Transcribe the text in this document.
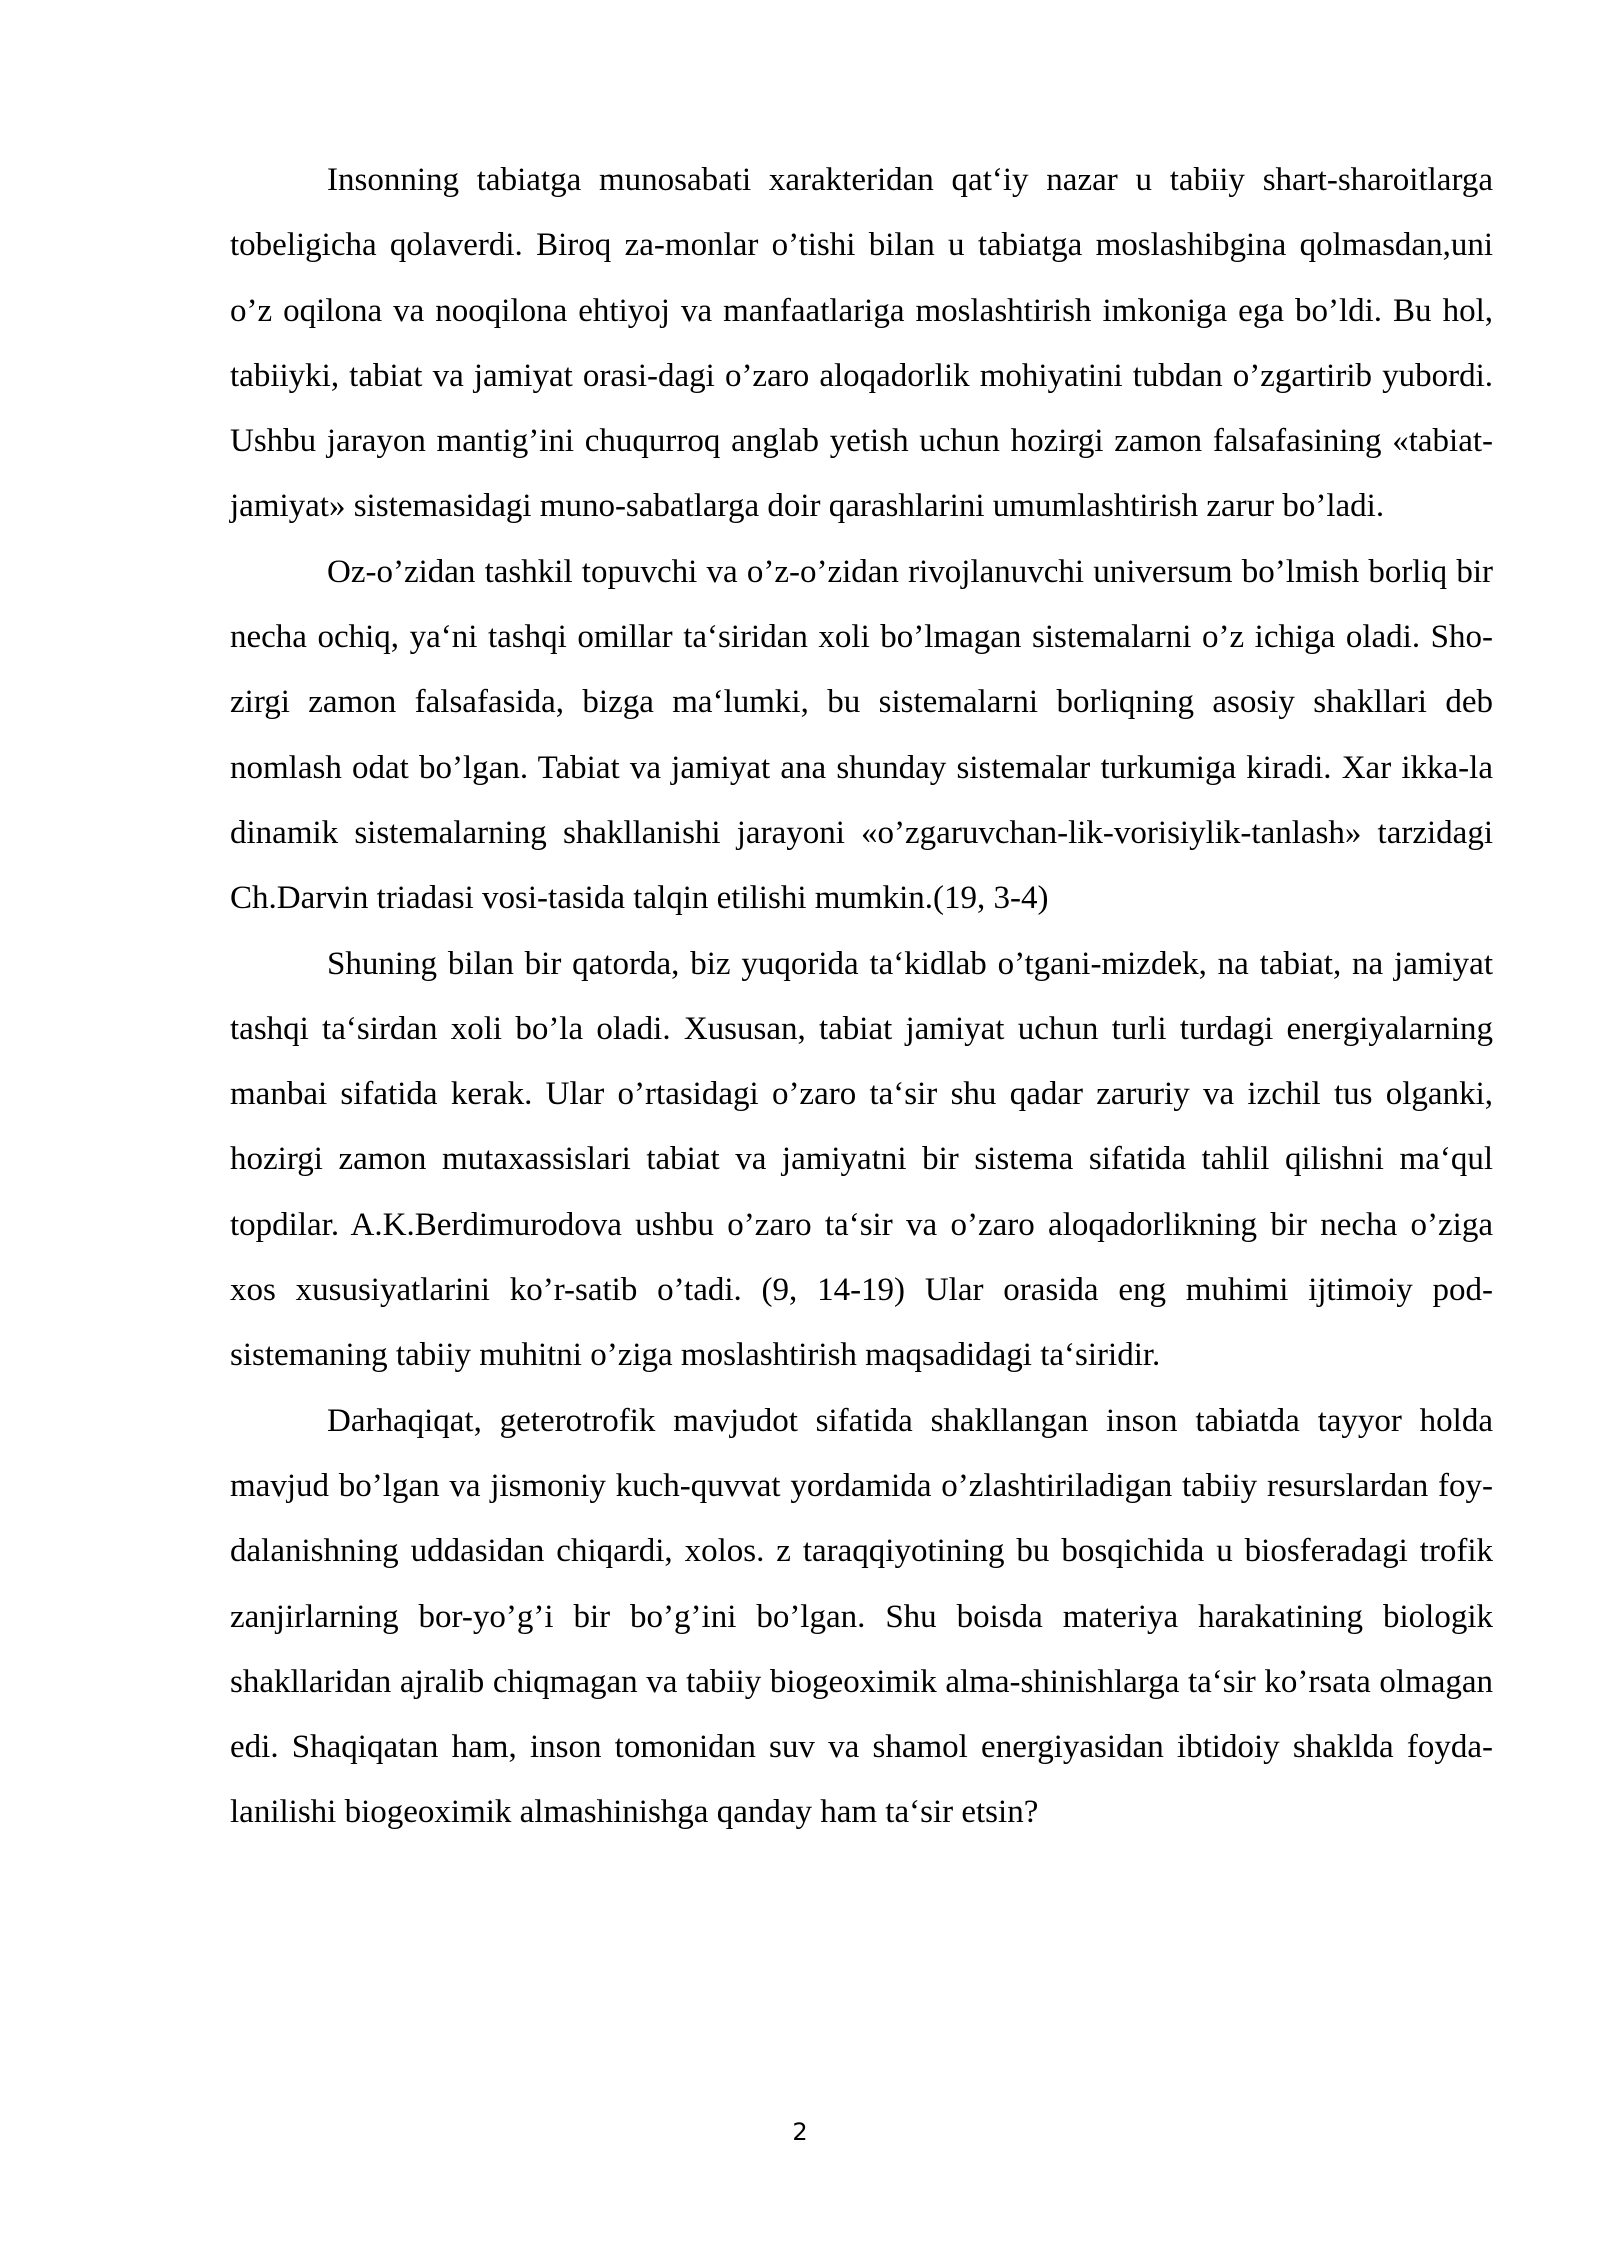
Insonning tabiatga munosabati xarakteridan qat‘iy nazar u tabiiy shart-sharoitlarga tobeligicha qolaverdi. Biroq za-monlar o’tishi bilan u tabiatga moslashibgina qolmasdan,uni o’z oqilona va nooqilona ehtiyoj va manfaatlariga moslashtirish imkoniga ega bo’ldi. Bu hol, tabiiyki, tabiat va jamiyat orasi-dagi o’zaro aloqadorlik mohiyatini tubdan o’zgartirib yubordi. Ushbu jarayon mantig’ini chuqurroq anglab yetish uchun hozirgi zamon falsafasining «tabiat-jamiyat» sistemasidagi muno-sabatlarga doir qarashlarini umumlashtirish zarur bo’ladi.

Oz-o’zidan tashkil topuvchi va o’z-o’zidan rivojlanuvchi universum bo’lmish borliq bir necha ochiq, ya‘ni tashqi omillar ta‘siridan xoli bo’lmagan sistemalarni o’z ichiga oladi. Sho-zirgi zamon falsafasida, bizga ma‘lumki, bu sistemalarni borliqning asosiy shakllari deb nomlash odat bo’lgan. Tabiat va jamiyat ana shunday sistemalar turkumiga kiradi. Xar ikka-la dinamik sistemalarning shakllanishi jarayoni «o’zgaruvchan-lik-vorisiylik-tanlash» tarzidagi Ch.Darvin triadasi vosi-tasida talqin etilishi mumkin.(19, 3-4)

Shuning bilan bir qatorda, biz yuqorida ta‘kidlab o’tgani-mizdek, na tabiat, na jamiyat tashqi ta‘sirdan xoli bo’la oladi. Xususan, tabiat jamiyat uchun turli turdagi energiyalarning manbai sifatida kerak. Ular o’rtasidagi o’zaro ta‘sir shu qadar zaruriy va izchil tus olganki, hozirgi zamon mutaxassislari tabiat va jamiyatni bir sistema sifatida tahlil qilishni ma‘qul topdilar. A.K.Berdimurodova ushbu o’zaro ta‘sir va o’zaro aloqadorlikning bir necha o’ziga xos xususiyatlarini ko’r-satib o’tadi. (9, 14-19) Ular orasida eng muhimi ijtimoiy pod-sistemaning tabiiy muhitni o’ziga moslashtirish maqsadidagi ta‘siridir.

Darhaqiqat, geterotrofik mavjudot sifatida shakllangan inson tabiatda tayyor holda mavjud bo’lgan va jismoniy kuch-quvvat yordamida o’zlashtiriladigan tabiiy resurslardan foy-dalanishning uddasidan chiqardi, xolos. z taraqqiyotining bu bosqichida u biosferadagi trofik zanjirlarning bor-yo’g’i bir bo’g’ini bo’lgan. Shu boisda materiya harakatining biologik shakllaridan ajralib chiqmagan va tabiiy biogeoximik alma-shinishlarga ta‘sir ko’rsata olmagan edi. Shaqiqatan ham, inson tomonidan suv va shamol energiyasidan ibtidoiy shaklda foyda-lanilishi biogeoximik almashinishga qanday ham ta‘sir etsin?

2
